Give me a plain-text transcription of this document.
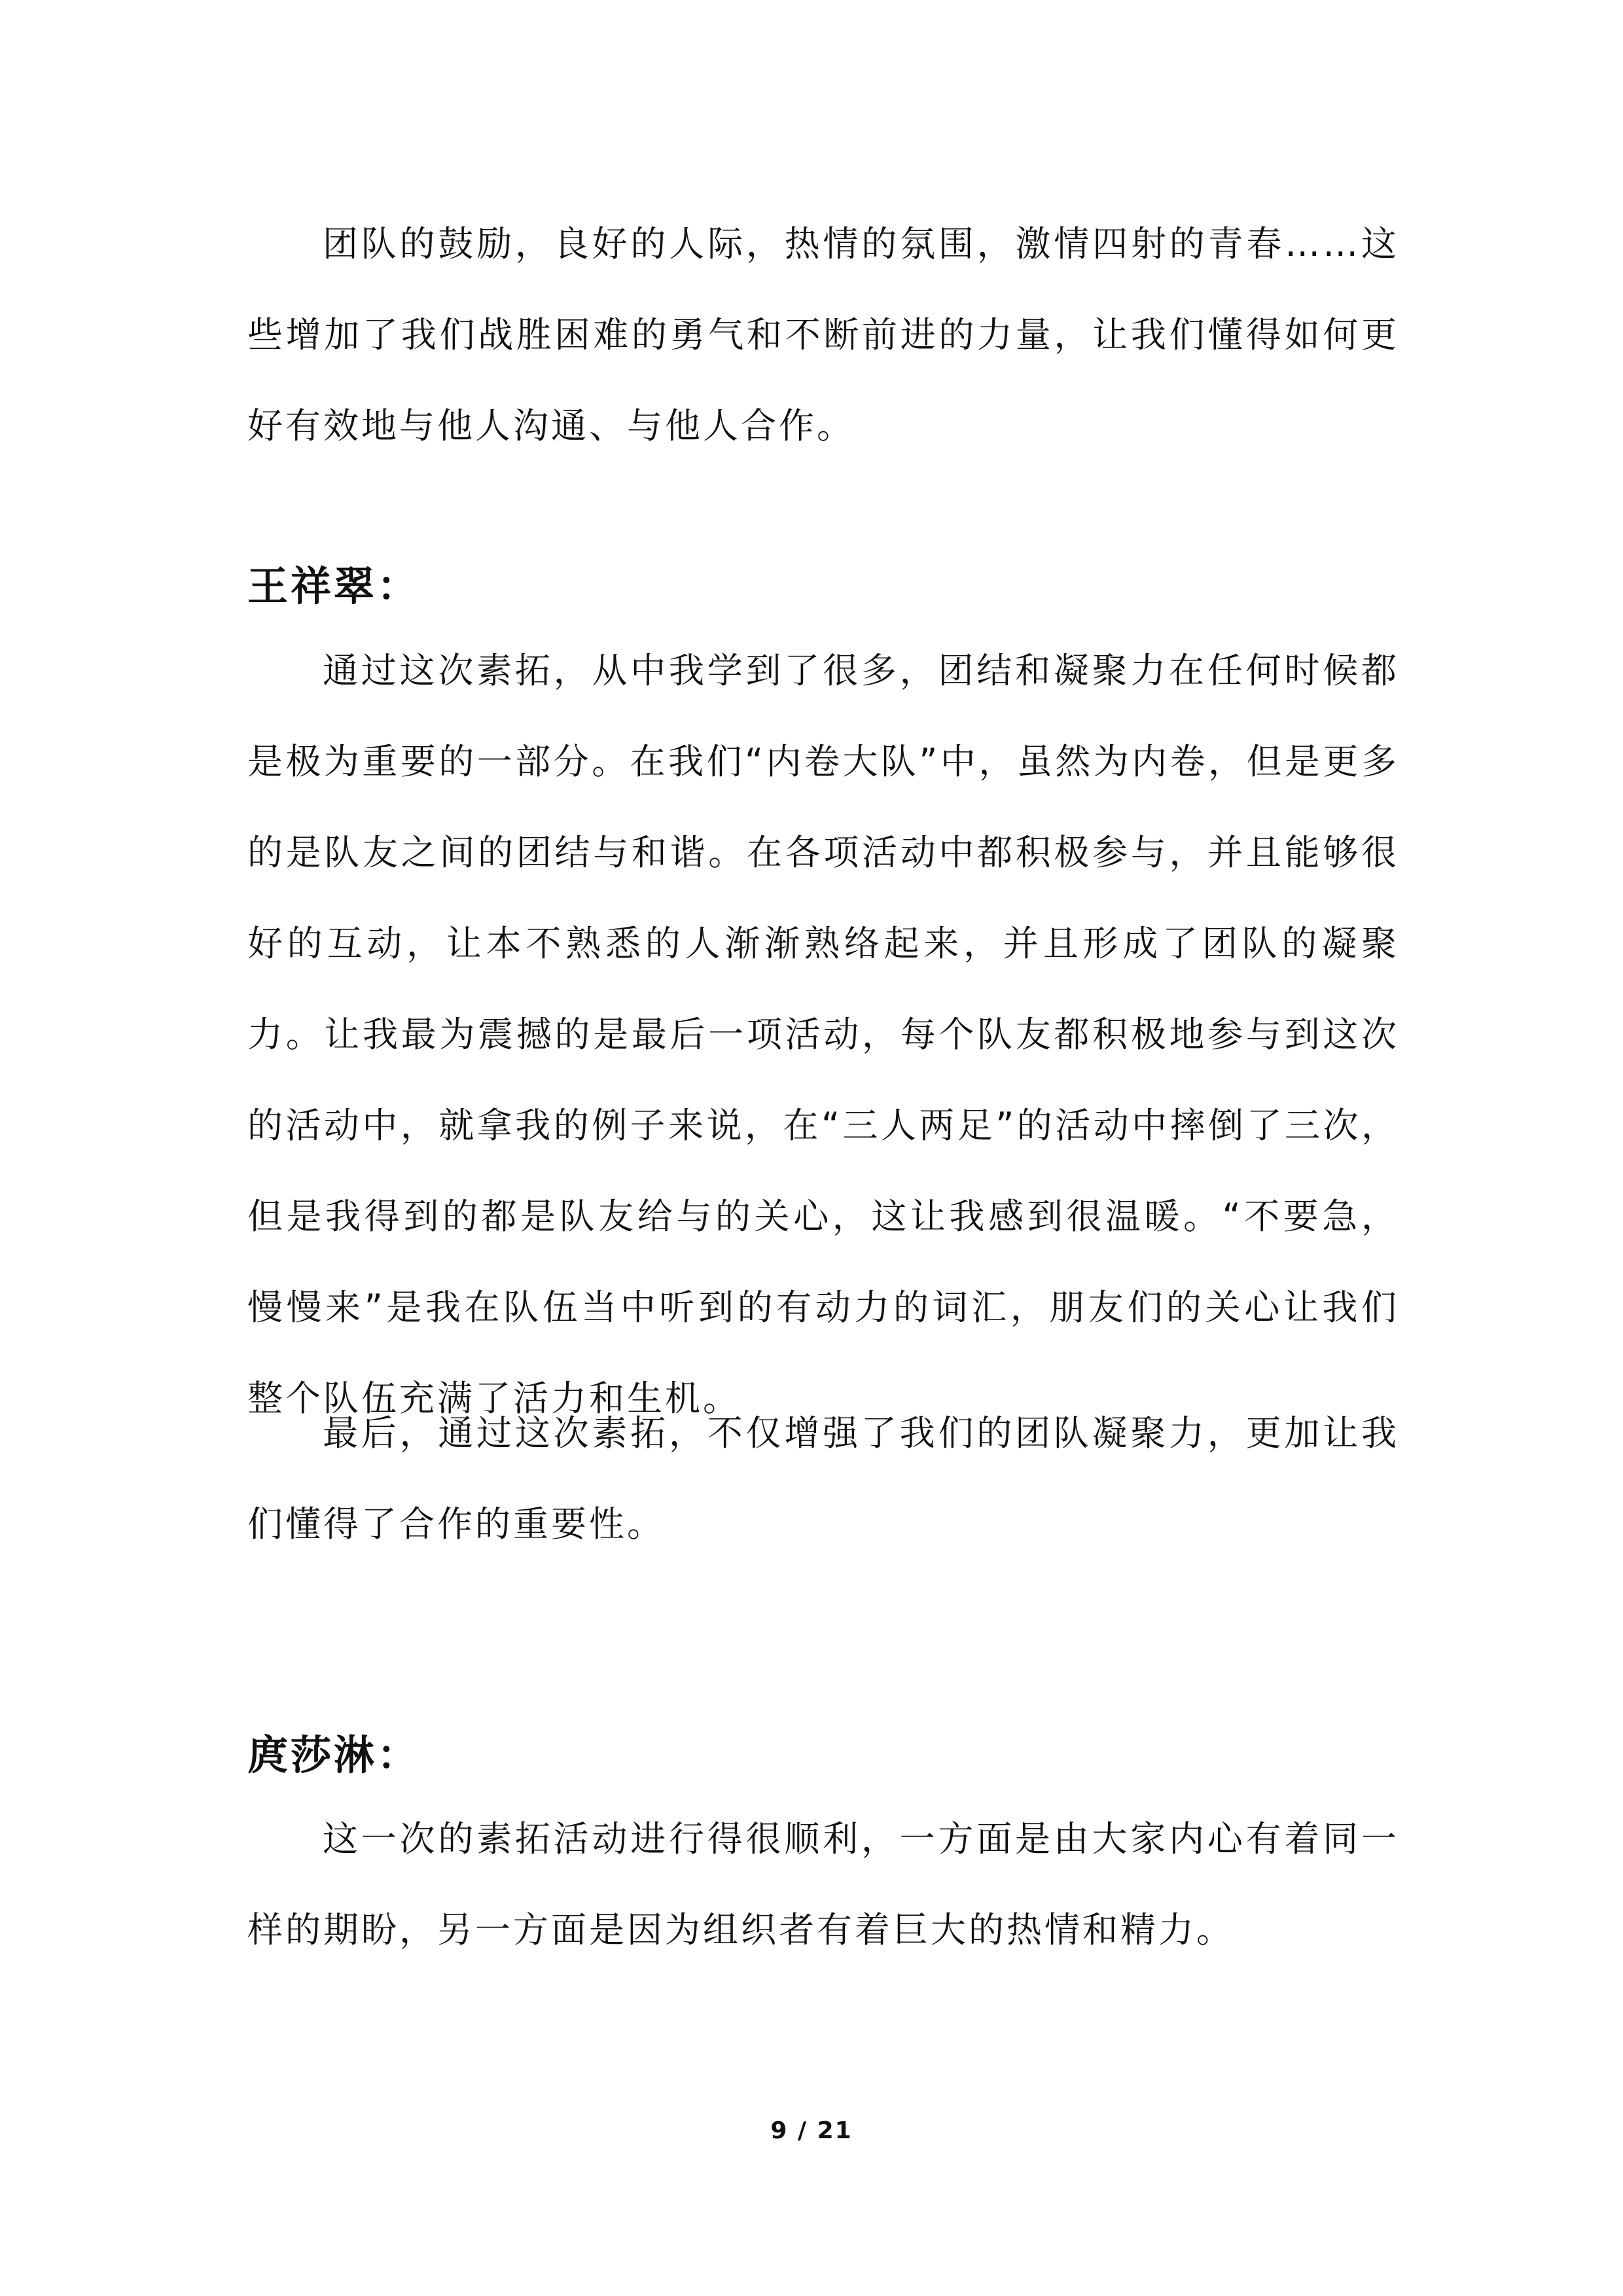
团队的鼓励，良好的人际，热情的氛围，激情四射的青春……这些增加了我们战胜困难的勇气和不断前进的力量，让我们懂得如何更好有效地与他人沟通、与他人合作。

王祥翠：

通过这次素拓，从中我学到了很多，团结和凝聚力在任何时候都是极为重要的一部分。在我们“内卷大队”中，虽然为内卷，但是更多的是队友之间的团结与和谐。在各项活动中都积极参与，并且能够很好的互动，让本不熟悉的人渐渐熟络起来，并且形成了团队的凝聚力。让我最为震撼的是最后一项活动，每个队友都积极地参与到这次的活动中，就拿我的例子来说，在“三人两足”的活动中摔倒了三次，但是我得到的都是队友给与的关心，这让我感到很温暖。“不要急，慢慢来”是我在队伍当中听到的有动力的词汇，朋友们的关心让我们整个队伍充满了活力和生机。

最后，通过这次素拓，不仅增强了我们的团队凝聚力，更加让我们懂得了合作的重要性。

庹莎淋：

这一次的素拓活动进行得很顺利，一方面是由大家内心有着同一样的期盼，另一方面是因为组织者有着巨大的热情和精力。

9 / 21
